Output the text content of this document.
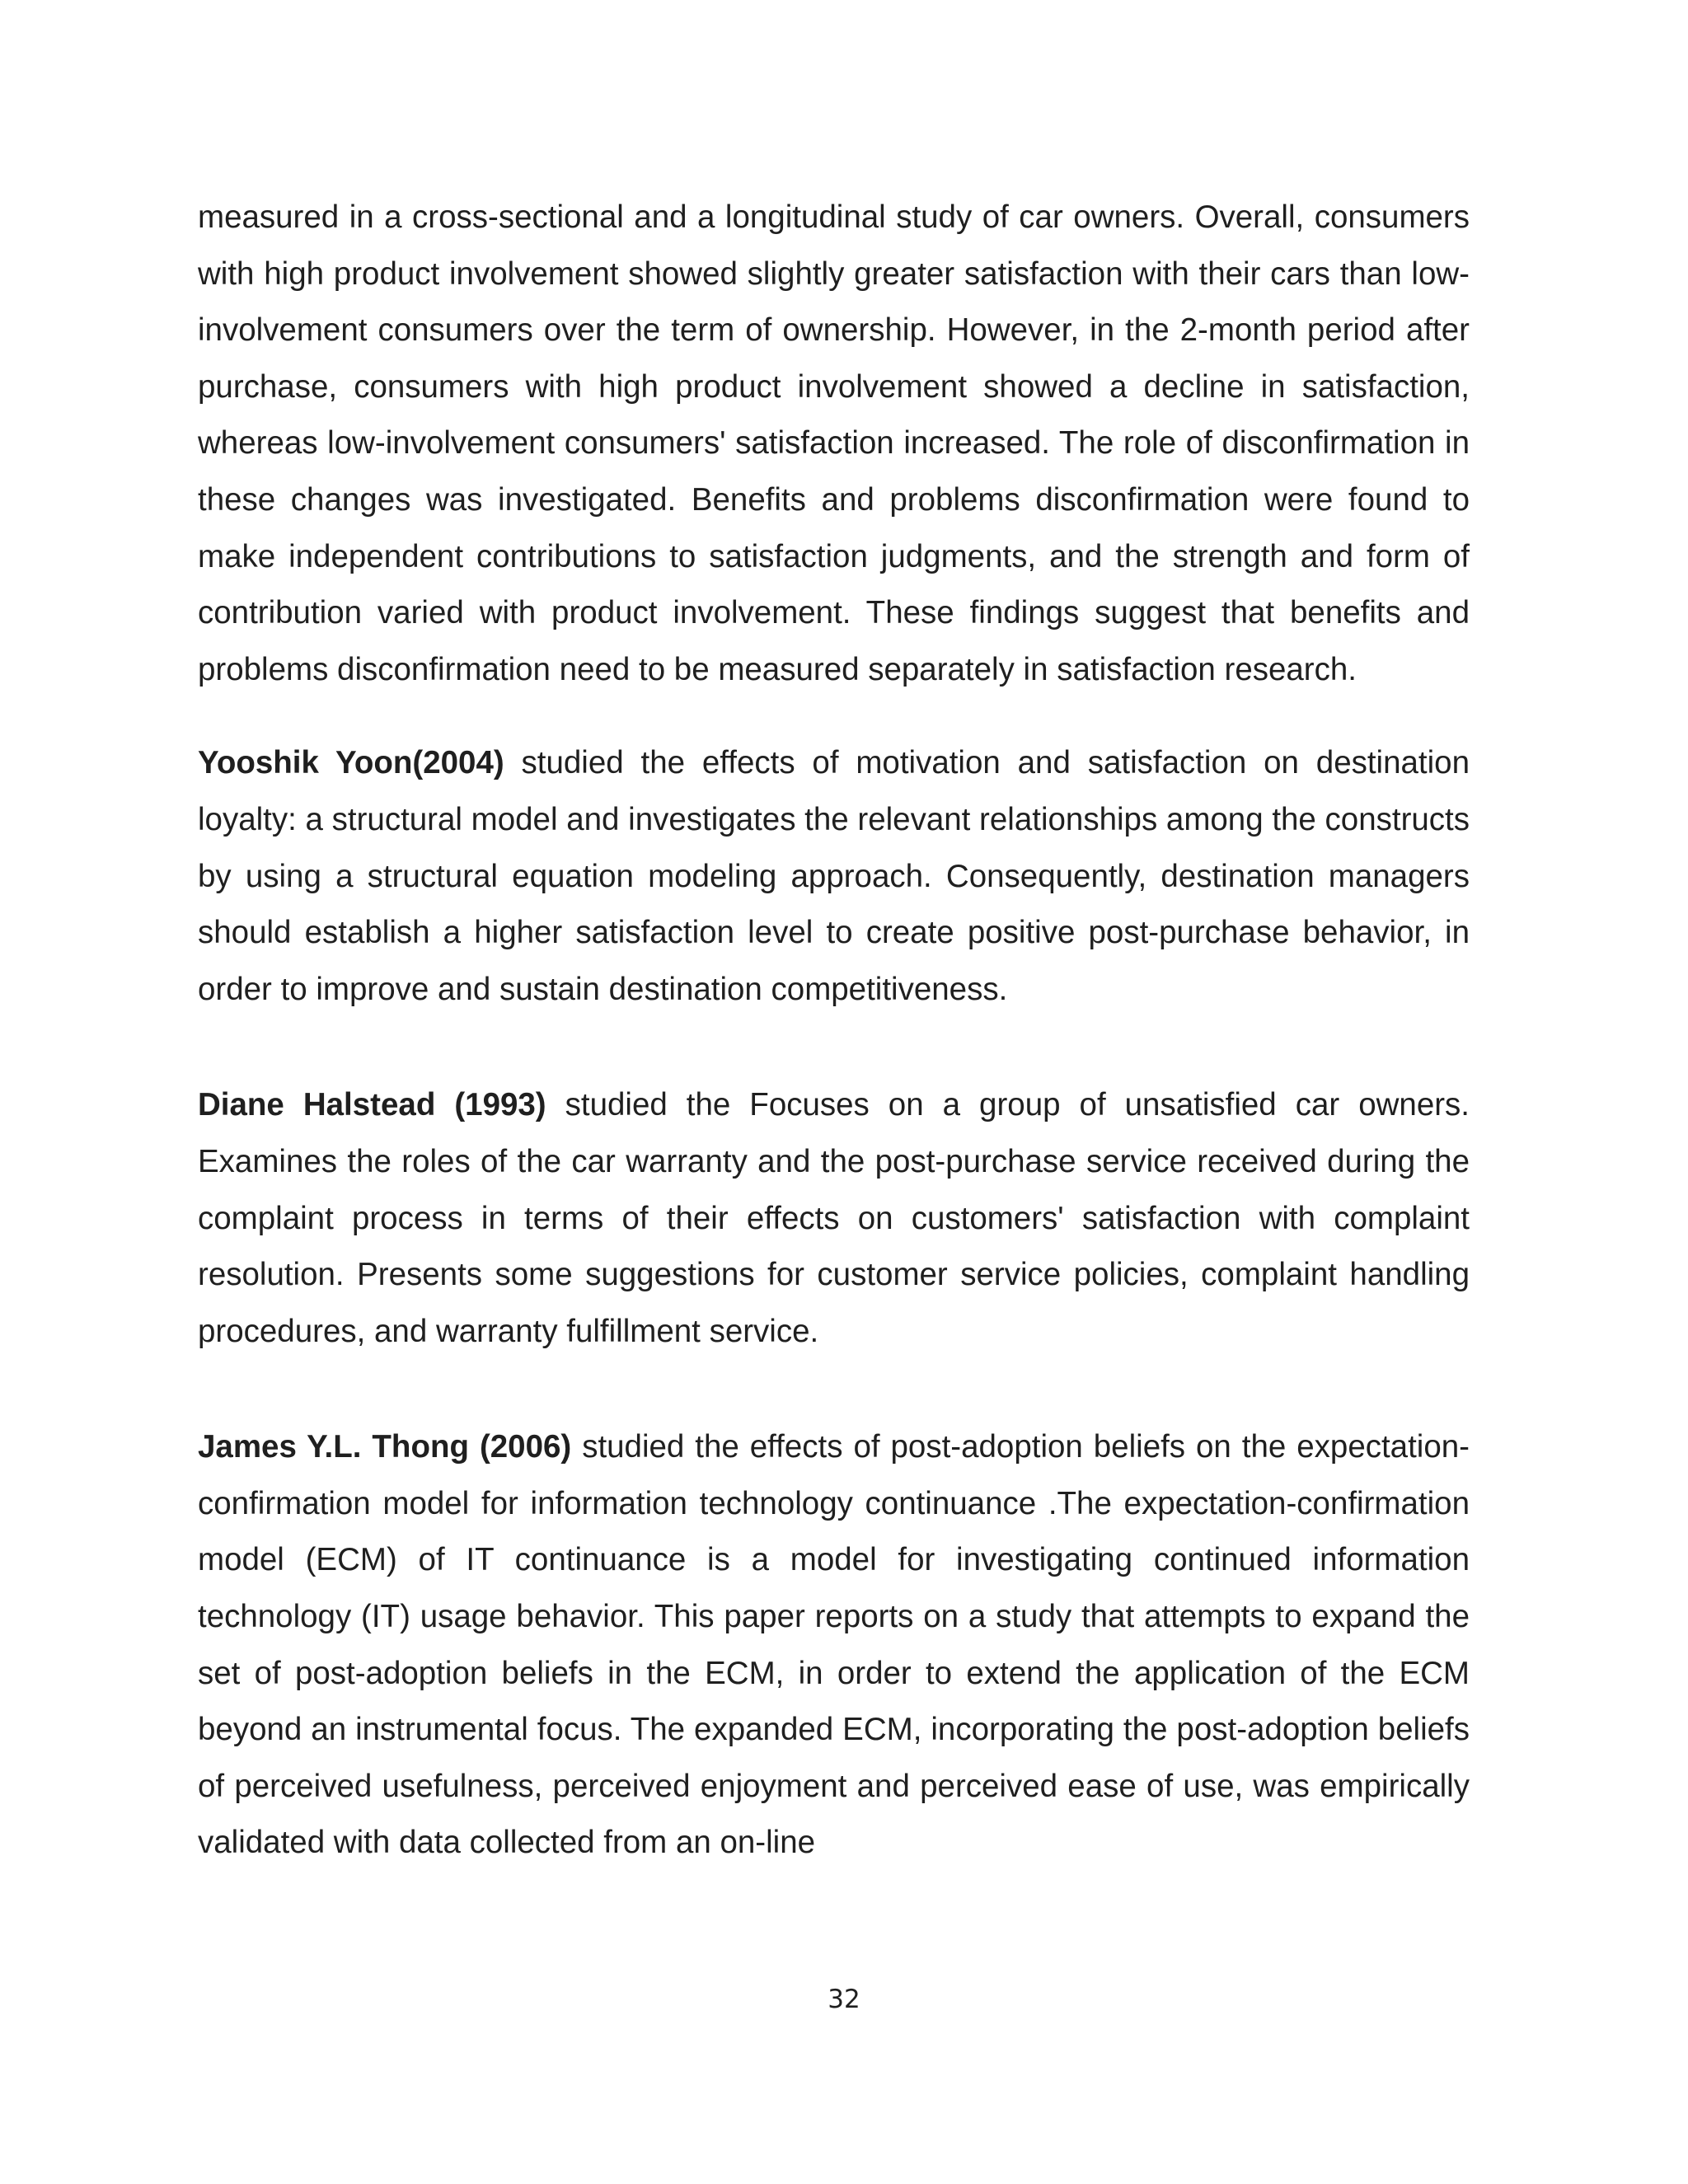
measured in a cross-sectional and a longitudinal study of car owners. Overall, consumers with high product involvement showed slightly greater satisfaction with their cars than low-involvement consumers over the term of ownership. However, in the 2-month period after purchase, consumers with high product involvement showed a decline in satisfaction, whereas low-involvement consumers' satisfaction increased. The role of disconfirmation in these changes was investigated. Benefits and problems disconfirmation were found to make independent contributions to satisfaction judgments, and the strength and form of contribution varied with product involvement. These findings suggest that benefits and problems disconfirmation need to be measured separately in satisfaction research.

Yooshik Yoon(2004) studied the effects of motivation and satisfaction on destination loyalty: a structural model and investigates the relevant relationships among the constructs by using a structural equation modeling approach. Consequently, destination managers should establish a higher satisfaction level to create positive post-purchase behavior, in order to improve and sustain destination competitiveness.

Diane Halstead (1993) studied the Focuses on a group of unsatisfied car owners. Examines the roles of the car warranty and the post-purchase service received during the complaint process in terms of their effects on customers' satisfaction with complaint resolution. Presents some suggestions for customer service policies, complaint handling procedures, and warranty fulfillment service.

James Y.L. Thong (2006) studied the effects of post-adoption beliefs on the expectation-confirmation model for information technology continuance .The expectation-confirmation model (ECM) of IT continuance is a model for investigating continued information technology (IT) usage behavior. This paper reports on a study that attempts to expand the set of post-adoption beliefs in the ECM, in order to extend the application of the ECM beyond an instrumental focus. The expanded ECM, incorporating the post-adoption beliefs of perceived usefulness, perceived enjoyment and perceived ease of use, was empirically validated with data collected from an on-line

32
